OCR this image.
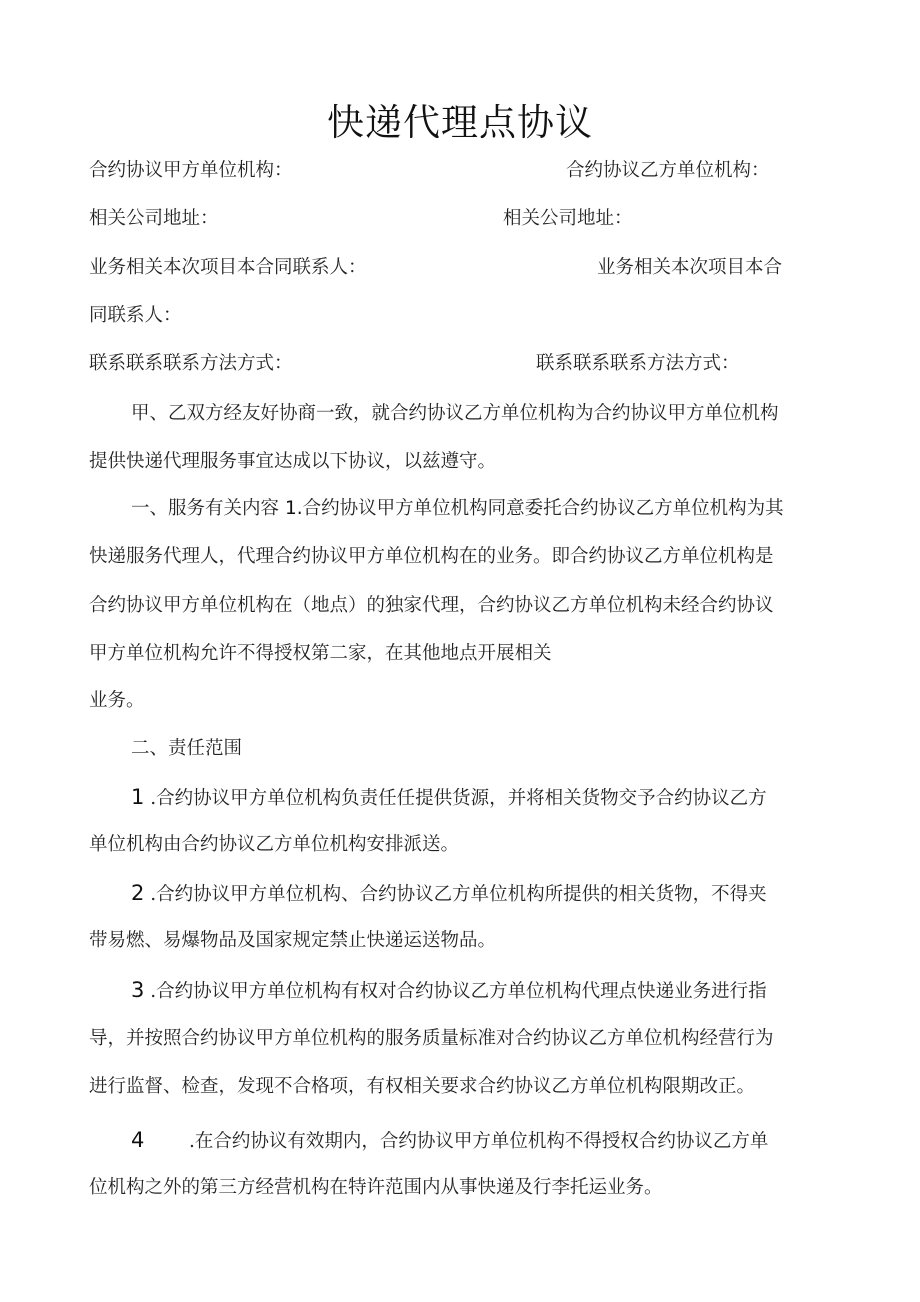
快递代理点协议
合约协议甲方单位机构：	合约协议乙方单位机构：
相关公司地址：	相关公司地址：
业务相关本次项目本合同联系人：	业务相关本次项目本合
同联系人：
联系联系联系方法方式：	联系联系联系方法方式：
甲、乙双方经友好协商一致，就合约协议乙方单位机构为合约协议甲方单位机构
提供快递代理服务事宜达成以下协议，以兹遵守。
一、服务有关内容 1.合约协议甲方单位机构同意委托合约协议乙方单位机构为其
快递服务代理人，代理合约协议甲方单位机构在的业务。即合约协议乙方单位机构是
合约协议甲方单位机构在（地点）的独家代理，合约协议乙方单位机构未经合约协议
甲方单位机构允许不得授权第二家，在其他地点开展相关
业务。
二、责任范围
1 .合约协议甲方单位机构负责任任提供货源，并将相关货物交予合约协议乙方
单位机构由合约协议乙方单位机构安排派送。
2 .合约协议甲方单位机构、合约协议乙方单位机构所提供的相关货物，不得夹
带易燃、易爆物品及国家规定禁止快递运送物品。
3 .合约协议甲方单位机构有权对合约协议乙方单位机构代理点快递业务进行指
导，并按照合约协议甲方单位机构的服务质量标准对合约协议乙方单位机构经营行为
进行监督、检查，发现不合格项，有权相关要求合约协议乙方单位机构限期改正。
4 .在合约协议有效期内，合约协议甲方单位机构不得授权合约协议乙方单
位机构之外的第三方经营机构在特许范围内从事快递及行李托运业务。
